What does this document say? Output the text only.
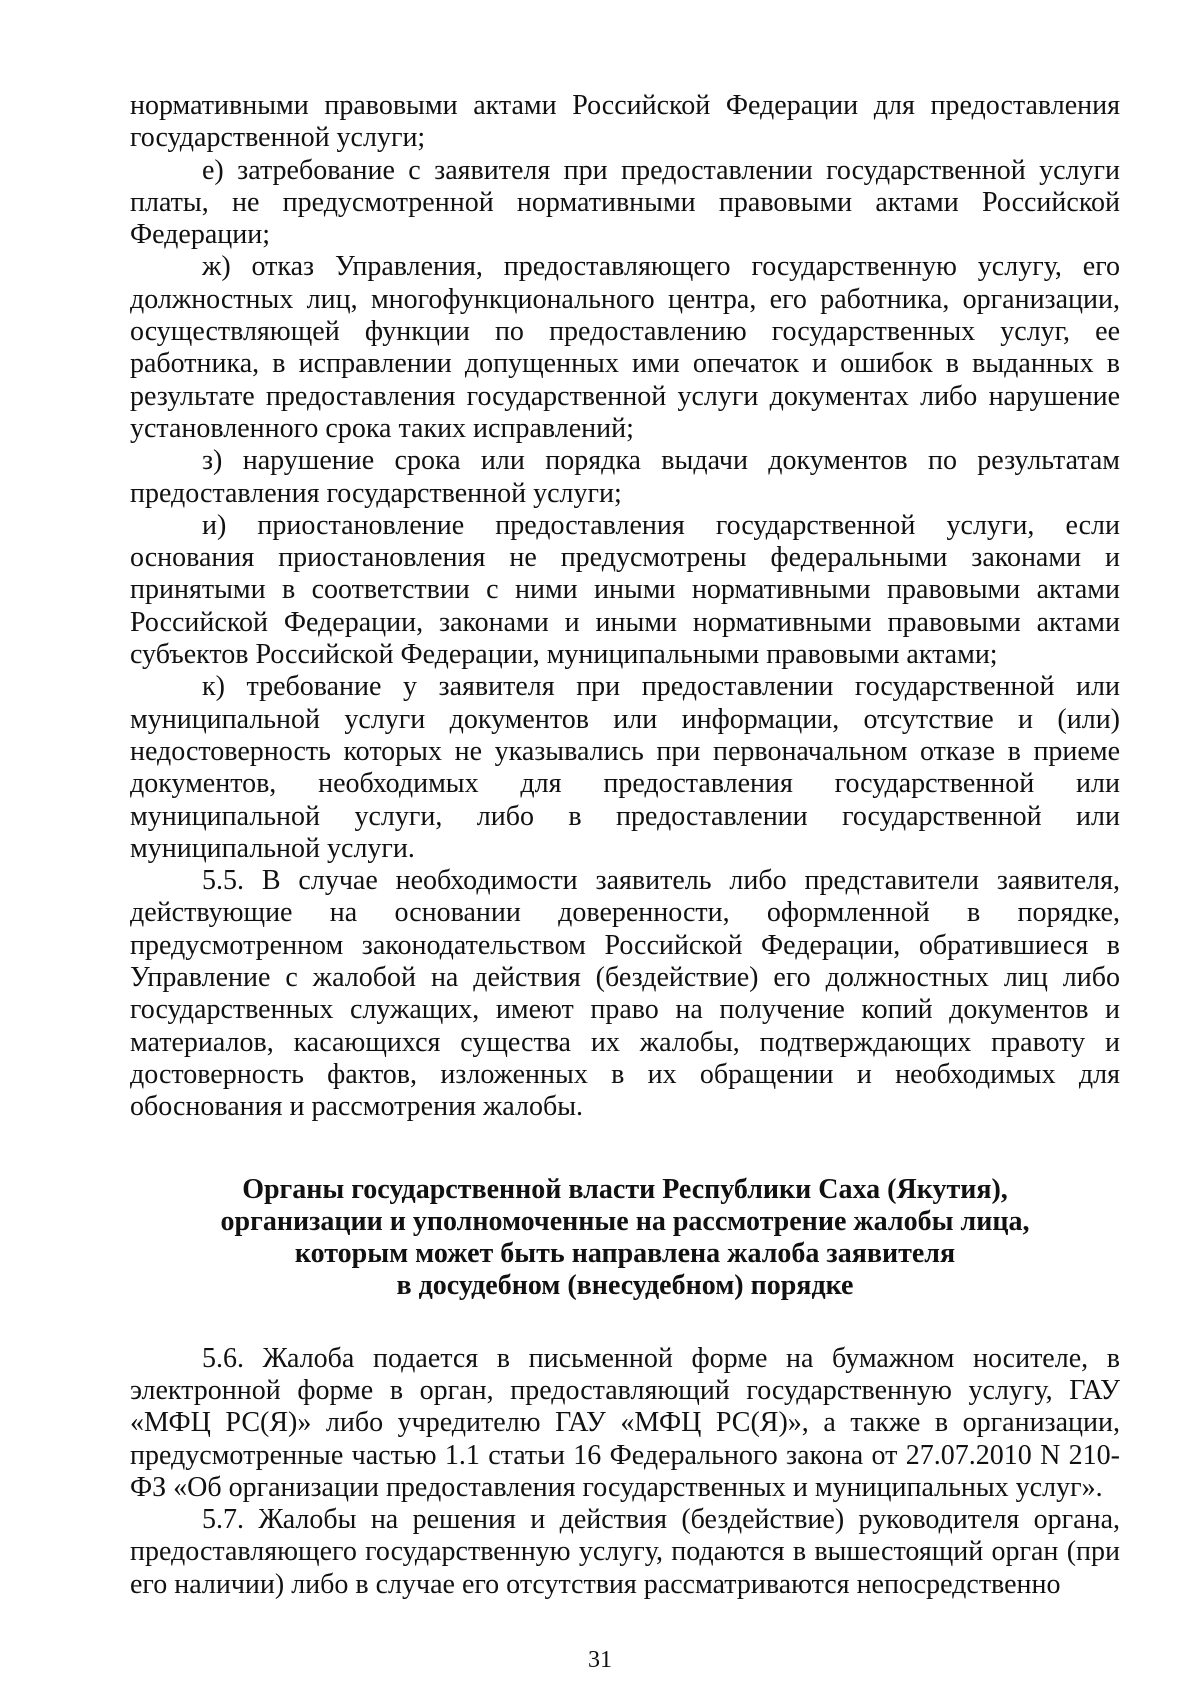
нормативными правовыми актами Российской Федерации для предоставления государственной услуги;

е) затребование с заявителя при предоставлении государственной услуги платы, не предусмотренной нормативными правовыми актами Российской Федерации;

ж) отказ Управления, предоставляющего государственную услугу, его должностных лиц, многофункционального центра, его работника, организации, осуществляющей функции по предоставлению государственных услуг, ее работника, в исправлении допущенных ими опечаток и ошибок в выданных в результате предоставления государственной услуги документах либо нарушение установленного срока таких исправлений;

з) нарушение срока или порядка выдачи документов по результатам предоставления государственной услуги;

и) приостановление предоставления государственной услуги, если основания приостановления не предусмотрены федеральными законами и принятыми в соответствии с ними иными нормативными правовыми актами Российской Федерации, законами и иными нормативными правовыми актами субъектов Российской Федерации, муниципальными правовыми актами;

к) требование у заявителя при предоставлении государственной или муниципальной услуги документов или информации, отсутствие и (или) недостоверность которых не указывались при первоначальном отказе в приеме документов, необходимых для предоставления государственной или муниципальной услуги, либо в предоставлении государственной или муниципальной услуги.

5.5. В случае необходимости заявитель либо представители заявителя, действующие на основании доверенности, оформленной в порядке, предусмотренном законодательством Российской Федерации, обратившиеся в Управление с жалобой на действия (бездействие) его должностных лиц либо государственных служащих, имеют право на получение копий документов и материалов, касающихся существа их жалобы, подтверждающих правоту и достоверность фактов, изложенных в их обращении и необходимых для обоснования и рассмотрения жалобы.

Органы государственной власти Республики Саха (Якутия),
организации и уполномоченные на рассмотрение жалобы лица,
которым может быть направлена жалоба заявителя
в досудебном (внесудебном) порядке

5.6. Жалоба подается в письменной форме на бумажном носителе, в электронной форме в орган, предоставляющий государственную услугу, ГАУ «МФЦ РС(Я)» либо учредителю ГАУ «МФЦ РС(Я)», а также в организации, предусмотренные частью 1.1 статьи 16 Федерального закона от 27.07.2010 N 210-ФЗ «Об организации предоставления государственных и муниципальных услуг».

5.7. Жалобы на решения и действия (бездействие) руководителя органа, предоставляющего государственную услугу, подаются в вышестоящий орган (при его наличии) либо в случае его отсутствия рассматриваются непосредственно

31
